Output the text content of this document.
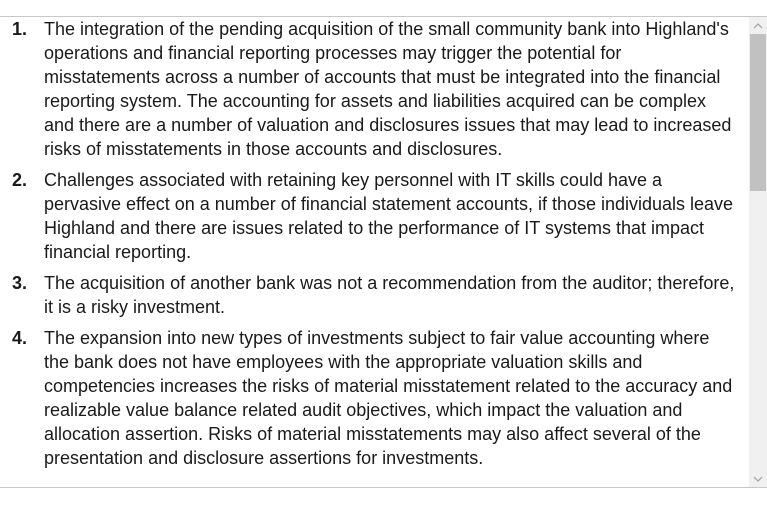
1. The integration of the pending acquisition of the small community bank into Highland's operations and financial reporting processes may trigger the potential for misstatements across a number of accounts that must be integrated into the financial reporting system. The accounting for assets and liabilities acquired can be complex and there are a number of valuation and disclosures issues that may lead to increased risks of misstatements in those accounts and disclosures.
2. Challenges associated with retaining key personnel with IT skills could have a pervasive effect on a number of financial statement accounts, if those individuals leave Highland and there are issues related to the performance of IT systems that impact financial reporting.
3. The acquisition of another bank was not a recommendation from the auditor; therefore, it is a risky investment.
4. The expansion into new types of investments subject to fair value accounting where the bank does not have employees with the appropriate valuation skills and competencies increases the risks of material misstatement related to the accuracy and realizable value balance related audit objectives, which impact the valuation and allocation assertion. Risks of material misstatements may also affect several of the presentation and disclosure assertions for investments.
